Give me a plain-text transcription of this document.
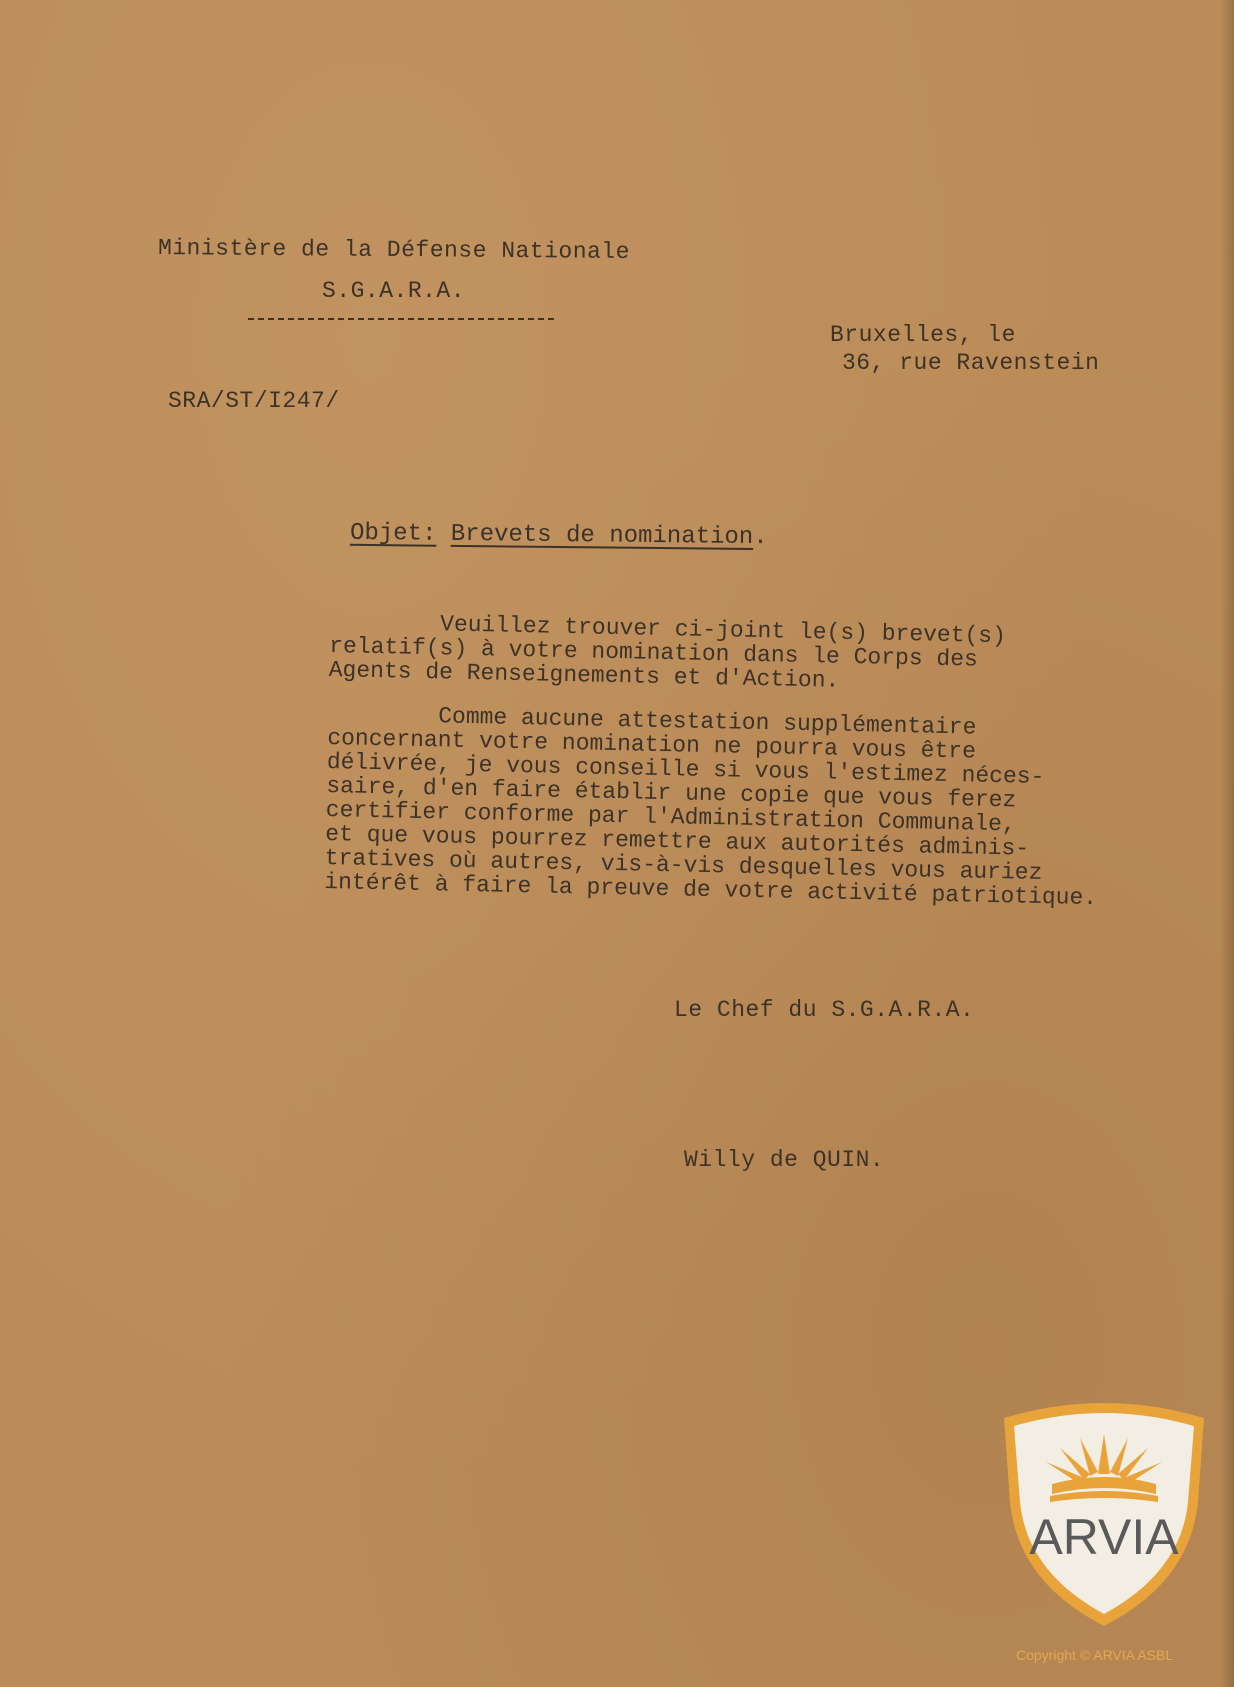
Ministère de la Défense Nationale
S.G.A.R.A.
Bruxelles, le
36, rue Ravenstein
SRA/ST/I247/
Objet: Brevets de nomination.

Veuillez trouver ci-joint le(s) brevet(s)
relatif(s) à votre nomination dans le Corps des
Agents de Renseignements et d'Action.

Comme aucune attestation supplémentaire
concernant votre nomination ne pourra vous être
délivrée, je vous conseille si vous l'estimez néces-
saire, d'en faire établir une copie que vous ferez
certifier conforme par l'Administration Communale,
et que vous pourrez remettre aux autorités adminis-
tratives où autres, vis-à-vis desquelles vous auriez
intérêt à faire la preuve de votre activité patriotique.

Le Chef du S.G.A.R.A.
Willy de QUIN.
ARVIA
Copyright © ARVIA ASBL
